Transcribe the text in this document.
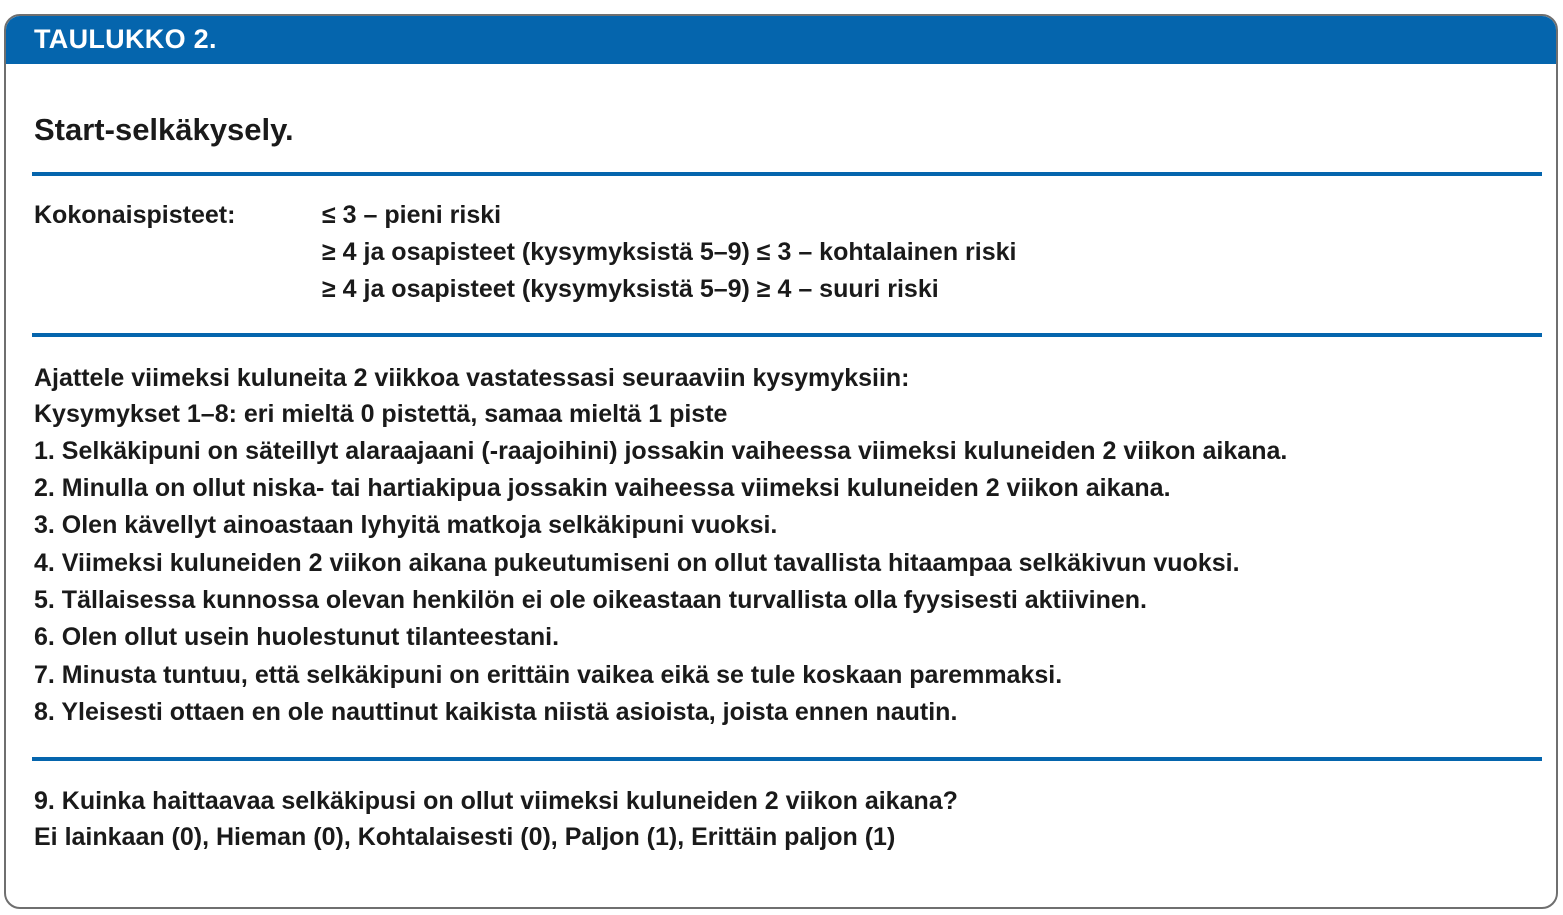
TAULUKKO 2.
Start-selkäkysely.
Kokonaispisteet:	≤ 3 – pieni riski
≥ 4 ja osapisteet (kysymyksistä 5–9) ≤ 3 – kohtalainen riski
≥ 4 ja osapisteet (kysymyksistä 5–9) ≥ 4 – suuri riski
Ajattele viimeksi kuluneita 2 viikkoa vastatessasi seuraaviin kysymyksiin:
Kysymykset 1–8: eri mieltä 0 pistettä, samaa mieltä 1 piste
1. Selkäkipuni on säteillyt alaraajaani (-raajoihini) jossakin vaiheessa viimeksi kuluneiden 2 viikon aikana.
2. Minulla on ollut niska- tai hartiakipua jossakin vaiheessa viimeksi kuluneiden 2 viikon aikana.
3. Olen kävellyt ainoastaan lyhyitä matkoja selkäkipuni vuoksi.
4. Viimeksi kuluneiden 2 viikon aikana pukeutumiseni on ollut tavallista hitaampaa selkäkivun vuoksi.
5. Tällaisessa kunnossa olevan henkilön ei ole oikeastaan turvallista olla fyysisesti aktiivinen.
6. Olen ollut usein huolestunut tilanteestani.
7. Minusta tuntuu, että selkäkipuni on erittäin vaikea eikä se tule koskaan paremmaksi.
8. Yleisesti ottaen en ole nauttinut kaikista niistä asioista, joista ennen nautin.
9. Kuinka haittaavaa selkäkipusi on ollut viimeksi kuluneiden 2 viikon aikana?
Ei lainkaan (0), Hieman (0), Kohtalaisesti (0), Paljon (1), Erittäin paljon (1)
